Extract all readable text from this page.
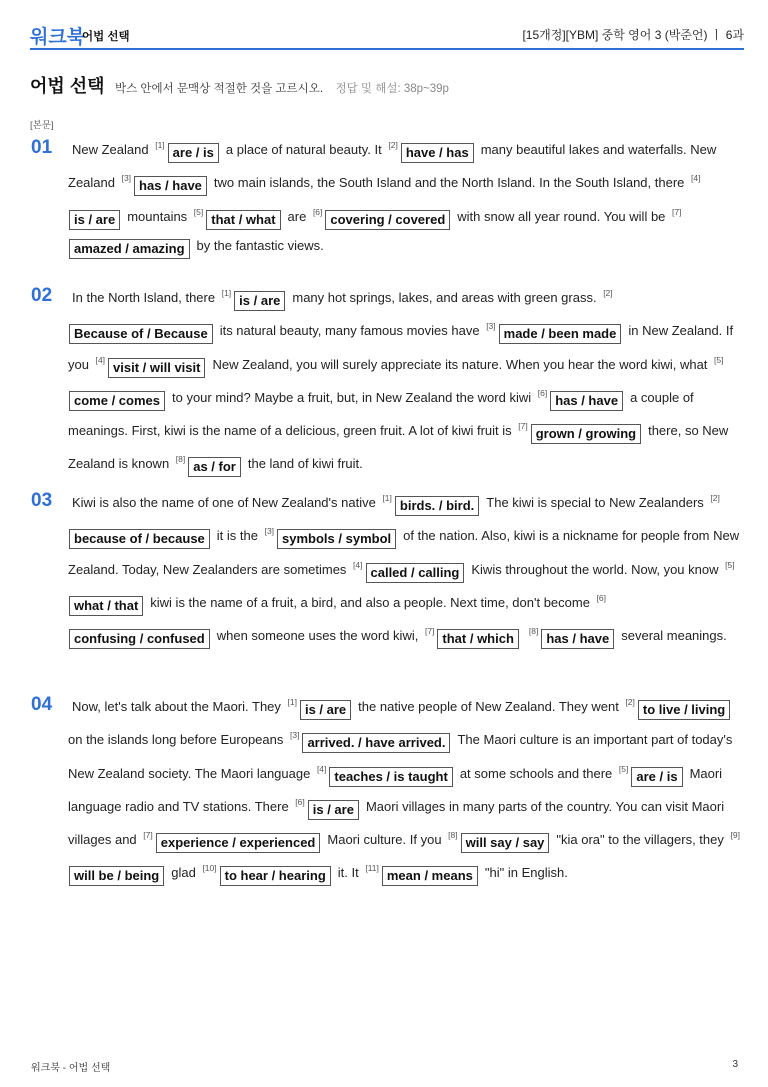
워크북
어법 선택	[15개정][YBM] 중학 영어 3 (박준언) ㅣ 6과
어법 선택 박스 안에서 문맥상 적절한 것을 고르시오. 정답 및 해설: 38p~39p
[본문]
01	New Zealand [1] are / is a place of natural beauty. It [2] have / has many beautiful lakes and waterfalls. New Zealand [3] has / have two main islands, the South Island and the North Island. In the South Island, there [4]is / are mountains [5] that / what are [6] covering / covered with snow all year round. You will be [7]amazed / amazing by the fantastic views.
02	In the North Island, there [1] is / are many hot springs, lakes, and areas with green grass. [2]Because of / Because its natural beauty, many famous movies have [3] made / been made in New Zealand. If you [4] visit / will visit New Zealand, you will surely appreciate its nature. When you hear the word kiwi, what [5]come / comes to your mind? Maybe a fruit, but, in New Zealand the word kiwi [6] has / have a couple of meanings. First, kiwi is the name of a delicious, green fruit. A lot of kiwi fruit is [7] grown / growing there, so New Zealand is known [8] as / for the land of kiwi fruit.
03	Kiwi is also the name of one of New Zealand's native [1] birds. / bird. The kiwi is special to New Zealanders [2]because of / because it is the [3] symbols / symbol of the nation. Also, kiwi is a nickname for people from New Zealand. Today, New Zealanders are sometimes [4] called / calling Kiwis throughout the world. Now, you know [5]what / that kiwi is the name of a fruit, a bird, and also a people. Next time, don't become [6]confusing / confused when someone uses the word kiwi, [7] that / which [8] has / have several meanings.
04	Now, let's talk about the Maori. They [1] is / are the native people of New Zealand. They went [2] to live / livingon the islands long before Europeans [3] arrived. / have arrived. The Maori culture is an important part of today's New Zealand society. The Maori language [4] teaches / is taught at some schools and there [5] are / is Maori language radio and TV stations. There [6] is / are Maori villages in many parts of the country. You can visit Maori villages and [7] experience / experienced Maori culture. If you [8] will say / say "kia ora" to the villagers, they [9]will be / being glad [10] to hear / hearing it. It [11] mean / means "hi" in English.
워크북 - 어법 선택	3
